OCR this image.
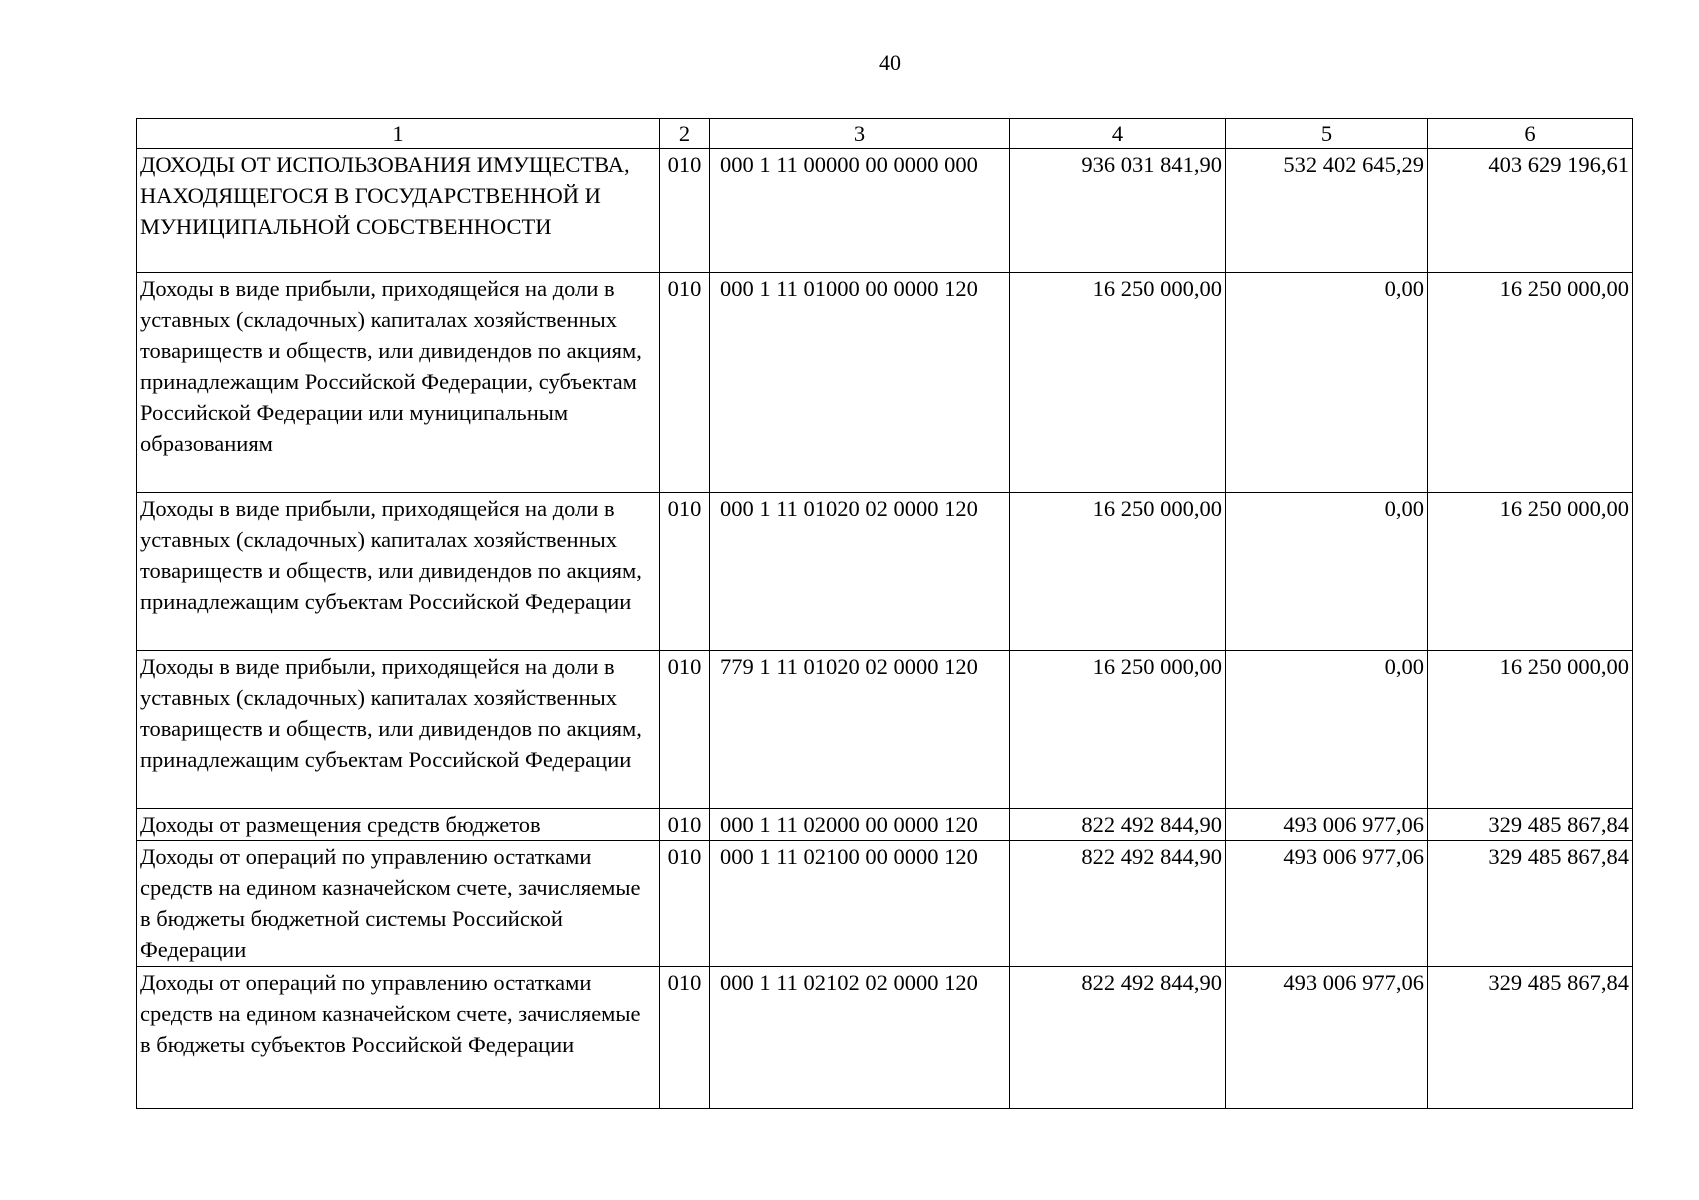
40
1	2	3	4	5	6
ДОХОДЫ ОТ ИСПОЛЬЗОВАНИЯ ИМУЩЕСТВА, НАХОДЯЩЕГОСЯ В ГОСУДАРСТВЕННОЙ И МУНИЦИПАЛЬНОЙ СОБСТВЕННОСТИ	010	000 1 11 00000 00 0000 000	936 031 841,90	532 402 645,29	403 629 196,61
Доходы в виде прибыли, приходящейся на доли в уставных (складочных) капиталах хозяйственных товариществ и обществ, или дивидендов по акциям, принадлежащим Российской Федерации, субъектам Российской Федерации или муниципальным образованиям	010	000 1 11 01000 00 0000 120	16 250 000,00	0,00	16 250 000,00
Доходы в виде прибыли, приходящейся на доли в уставных (складочных) капиталах хозяйственных товариществ и обществ, или дивидендов по акциям, принадлежащим субъектам Российской Федерации	010	000 1 11 01020 02 0000 120	16 250 000,00	0,00	16 250 000,00
Доходы в виде прибыли, приходящейся на доли в уставных (складочных) капиталах хозяйственных товариществ и обществ, или дивидендов по акциям, принадлежащим субъектам Российской Федерации	010	779 1 11 01020 02 0000 120	16 250 000,00	0,00	16 250 000,00
Доходы от размещения средств бюджетов	010	000 1 11 02000 00 0000 120	822 492 844,90	493 006 977,06	329 485 867,84
Доходы от операций по управлению остатками средств на едином казначейском счете, зачисляемые в бюджеты бюджетной системы Российской Федерации	010	000 1 11 02100 00 0000 120	822 492 844,90	493 006 977,06	329 485 867,84
Доходы от операций по управлению остатками средств на едином казначейском счете, зачисляемые в бюджеты субъектов Российской Федерации	010	000 1 11 02102 02 0000 120	822 492 844,90	493 006 977,06	329 485 867,84
